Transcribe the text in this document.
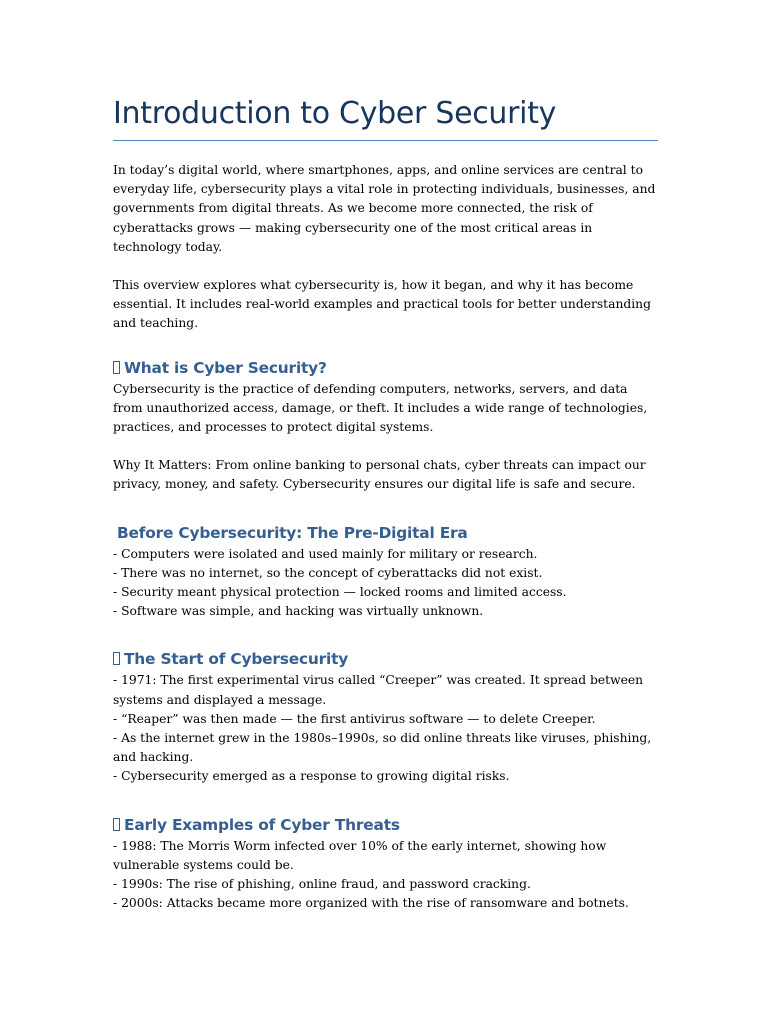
Introduction to Cyber Security

In today’s digital world, where smartphones, apps, and online services are central to everyday life, cybersecurity plays a vital role in protecting individuals, businesses, and governments from digital threats. As we become more connected, the risk of cyberattacks grows — making cybersecurity one of the most critical areas in technology today.

This overview explores what cybersecurity is, how it began, and why it has become essential. It includes real-world examples and practical tools for better understanding and teaching.

What is Cyber Security?

Cybersecurity is the practice of defending computers, networks, servers, and data from unauthorized access, damage, or theft. It includes a wide range of technologies, practices, and processes to protect digital systems.

Why It Matters: From online banking to personal chats, cyber threats can impact our privacy, money, and safety. Cybersecurity ensures our digital life is safe and secure.

Before Cybersecurity: The Pre-Digital Era
- Computers were isolated and used mainly for military or research.
- There was no internet, so the concept of cyberattacks did not exist.
- Security meant physical protection — locked rooms and limited access.
- Software was simple, and hacking was virtually unknown.
The Start of Cybersecurity
- 1971: The first experimental virus called “Creeper” was created. It spread between systems and displayed a message.
- “Reaper” was then made — the first antivirus software — to delete Creeper.
- As the internet grew in the 1980s–1990s, so did online threats like viruses, phishing, and hacking.
- Cybersecurity emerged as a response to growing digital risks.
Early Examples of Cyber Threats
- 1988: The Morris Worm infected over 10% of the early internet, showing how vulnerable systems could be.
- 1990s: The rise of phishing, online fraud, and password cracking.
- 2000s: Attacks became more organized with the rise of ransomware and botnets.
